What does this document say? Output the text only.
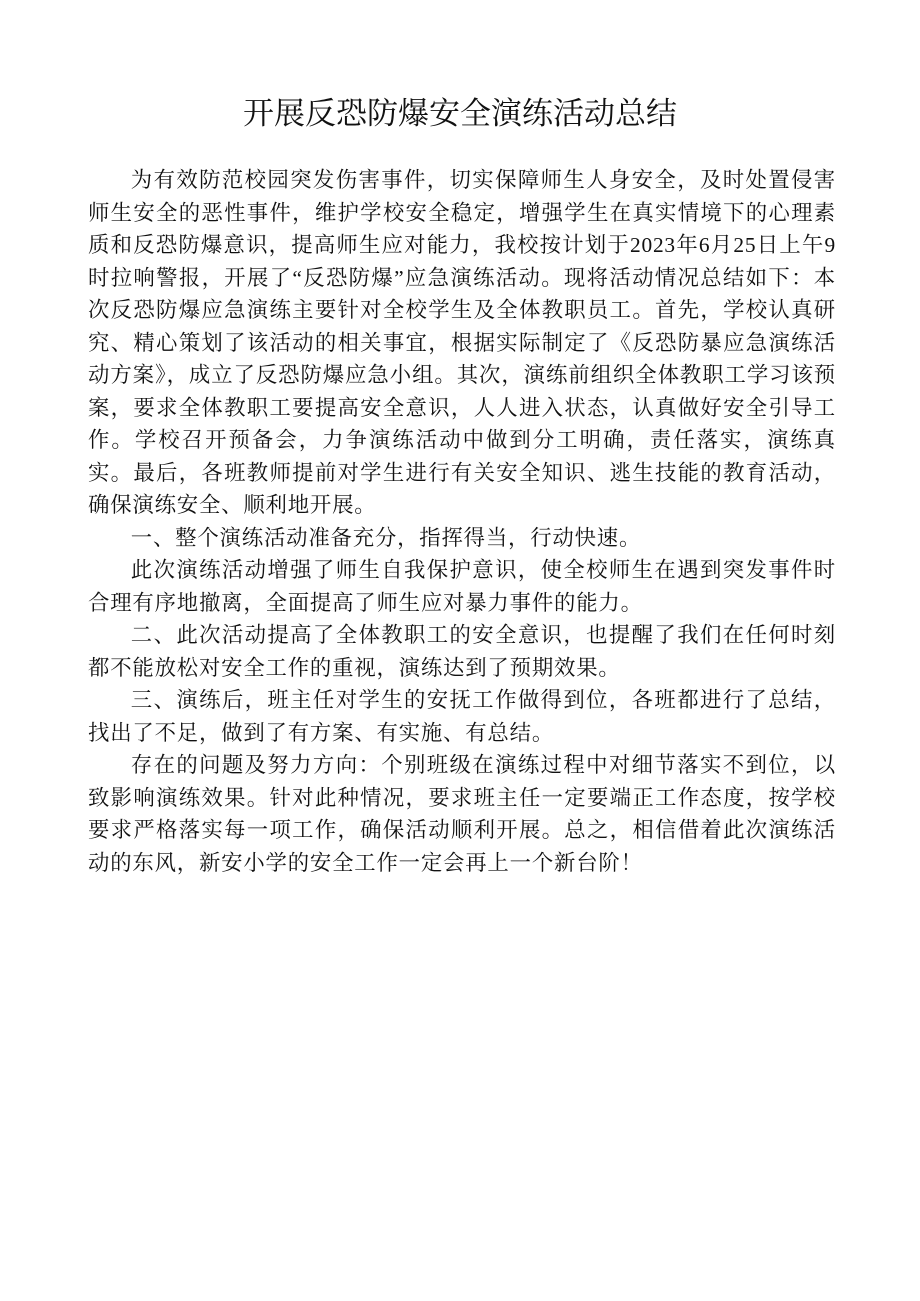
开展反恐防爆安全演练活动总结

为有效防范校园突发伤害事件，切实保障师生人身安全，及时处置侵害师生安全的恶性事件，维护学校安全稳定，增强学生在真实情境下的心理素质和反恐防爆意识，提高师生应对能力，我校按计划于2023年6月25日上午9时拉响警报，开展了“反恐防爆”应急演练活动。现将活动情况总结如下：本次反恐防爆应急演练主要针对全校学生及全体教职员工。首先，学校认真研究、精心策划了该活动的相关事宜，根据实际制定了《反恐防暴应急演练活动方案》，成立了反恐防爆应急小组。其次，演练前组织全体教职工学习该预案，要求全体教职工要提高安全意识，人人进入状态，认真做好安全引导工作。学校召开预备会，力争演练活动中做到分工明确，责任落实，演练真实。最后，各班教师提前对学生进行有关安全知识、逃生技能的教育活动，确保演练安全、顺利地开展。

一、整个演练活动准备充分，指挥得当，行动快速。

此次演练活动增强了师生自我保护意识，使全校师生在遇到突发事件时合理有序地撤离，全面提高了师生应对暴力事件的能力。

二、此次活动提高了全体教职工的安全意识，也提醒了我们在任何时刻都不能放松对安全工作的重视，演练达到了预期效果。

三、演练后，班主任对学生的安抚工作做得到位，各班都进行了总结，找出了不足，做到了有方案、有实施、有总结。

存在的问题及努力方向：个别班级在演练过程中对细节落实不到位，以致影响演练效果。针对此种情况，要求班主任一定要端正工作态度，按学校要求严格落实每一项工作，确保活动顺利开展。总之，相信借着此次演练活动的东风，新安小学的安全工作一定会再上一个新台阶！
